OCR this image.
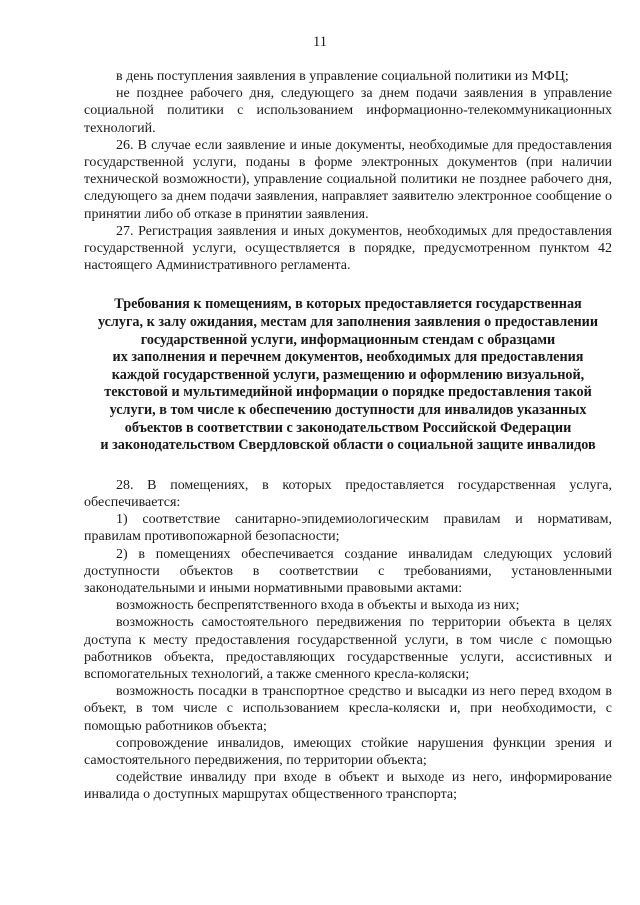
11

в день поступления заявления в управление социальной политики из МФЦ;

не позднее рабочего дня, следующего за днем подачи заявления в управление социальной политики с использованием информационно-телекоммуникационных технологий.

26. В случае если заявление и иные документы, необходимые для предоставления государственной услуги, поданы в форме электронных документов (при наличии технической возможности), управление социальной политики не позднее рабочего дня, следующего за днем подачи заявления, направляет заявителю электронное сообщение о принятии либо об отказе в принятии заявления.

27. Регистрация заявления и иных документов, необходимых для предоставления государственной услуги, осуществляется в порядке, предусмотренном пунктом 42 настоящего Административного регламента.

Требования к помещениям, в которых предоставляется государственная
услуга, к залу ожидания, местам для заполнения заявления о предоставлении
государственной услуги, информационным стендам с образцами
их заполнения и перечнем документов, необходимых для предоставления
каждой государственной услуги, размещению и оформлению визуальной,
текстовой и мультимедийной информации о порядке предоставления такой
услуги, в том числе к обеспечению доступности для инвалидов указанных
объектов в соответствии с законодательством Российской Федерации
и законодательством Свердловской области о социальной защите инвалидов

28. В помещениях, в которых предоставляется государственная услуга, обеспечивается:

1) соответствие санитарно-эпидемиологическим правилам и нормативам, правилам противопожарной безопасности;

2) в помещениях обеспечивается создание инвалидам следующих условий доступности объектов в соответствии с требованиями, установленными законодательными и иными нормативными правовыми актами:

возможность беспрепятственного входа в объекты и выхода из них;

возможность самостоятельного передвижения по территории объекта в целях доступа к месту предоставления государственной услуги, в том числе с помощью работников объекта, предоставляющих государственные услуги, ассистивных и вспомогательных технологий, а также сменного кресла-коляски;

возможность посадки в транспортное средство и высадки из него перед входом в объект, в том числе с использованием кресла-коляски и, при необходимости, с помощью работников объекта;

сопровождение инвалидов, имеющих стойкие нарушения функции зрения и самостоятельного передвижения, по территории объекта;

содействие инвалиду при входе в объект и выходе из него, информирование инвалида о доступных маршрутах общественного транспорта;
